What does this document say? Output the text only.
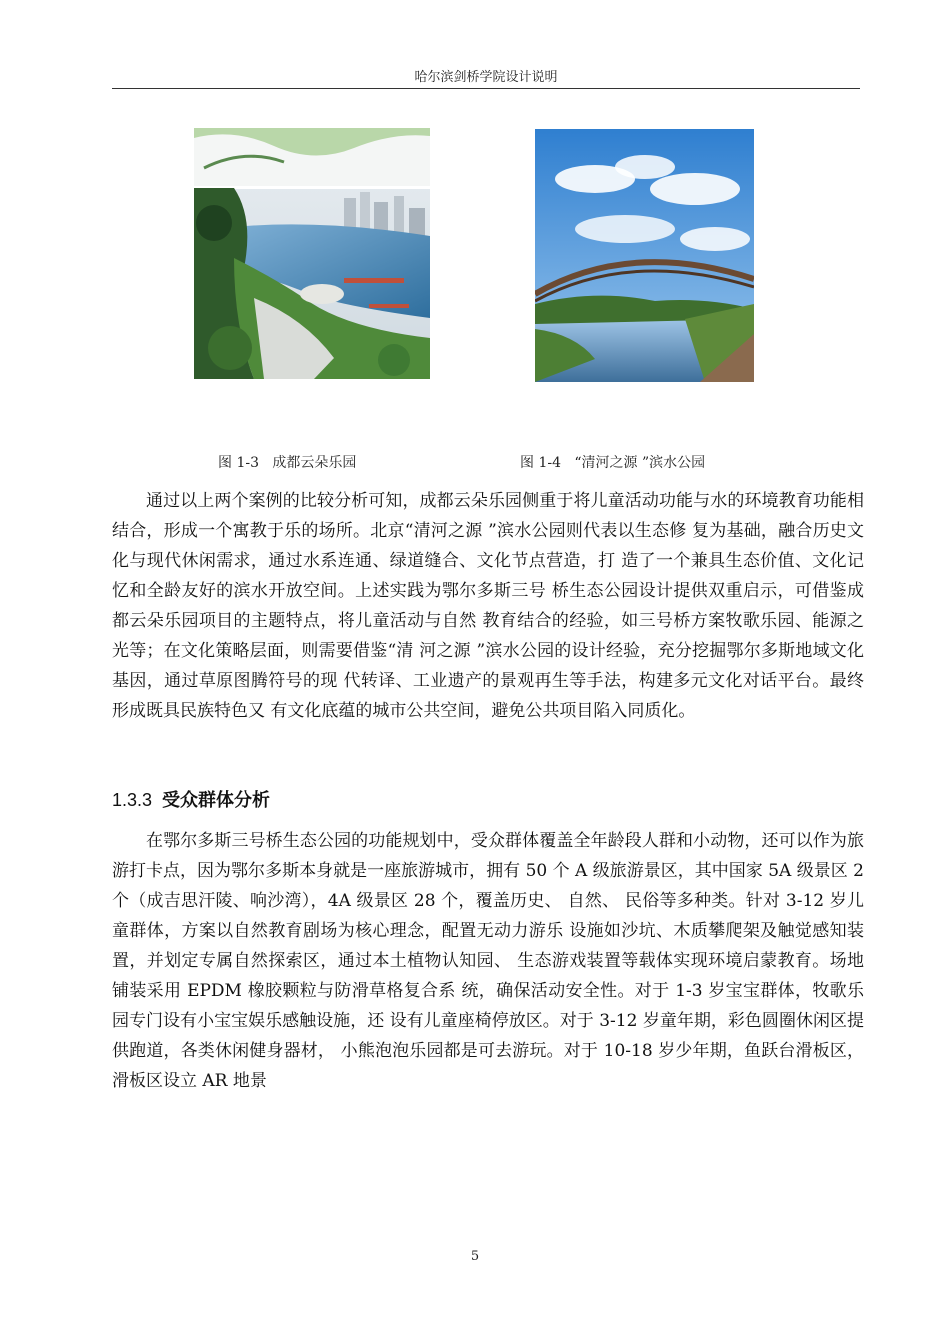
哈尔滨剑桥学院设计说明
图 1-3 成都云朵乐园	图 1-4 “清河之源 ”滨水公园
通过以上两个案例的比较分析可知，成都云朵乐园侧重于将儿童活动功能与水的环境教育功能相结合，形成一个寓教于乐的场所。北京“清河之源 ”滨水公园则代表以生态修 复为基础，融合历史文化与现代休闲需求，通过水系连通、绿道缝合、文化节点营造，打 造了一个兼具生态价值、文化记忆和全龄友好的滨水开放空间。上述实践为鄂尔多斯三号 桥生态公园设计提供双重启示，可借鉴成都云朵乐园项目的主题特点，将儿童活动与自然 教育结合的经验，如三号桥方案牧歌乐园、能源之光等；在文化策略层面，则需要借鉴“清 河之源 ”滨水公园的设计经验，充分挖掘鄂尔多斯地域文化基因，通过草原图腾符号的现 代转译、工业遗产的景观再生等手法，构建多元文化对话平台。最终形成既具民族特色又 有文化底蕴的城市公共空间，避免公共项目陷入同质化。
1.3.3 受众群体分析
在鄂尔多斯三号桥生态公园的功能规划中，受众群体覆盖全年龄段人群和小动物，还可以作为旅游打卡点，因为鄂尔多斯本身就是一座旅游城市，拥有 50 个 A 级旅游景区，其中国家 5A 级景区 2 个（成吉思汗陵、响沙湾），4A 级景区 28 个，覆盖历史、 自然、 民俗等多种类。针对 3-12 岁儿童群体，方案以自然教育剧场为核心理念，配置无动力游乐 设施如沙坑、木质攀爬架及触觉感知装置，并划定专属自然探索区，通过本土植物认知园、 生态游戏装置等载体实现环境启蒙教育。场地铺装采用 EPDM 橡胶颗粒与防滑草格复合系 统，确保活动安全性。对于 1-3 岁宝宝群体，牧歌乐园专门设有小宝宝娱乐感触设施，还 设有儿童座椅停放区。对于 3-12 岁童年期，彩色圆圈休闲区提供跑道，各类休闲健身器材， 小熊泡泡乐园都是可去游玩。对于 10-18 岁少年期，鱼跃台滑板区，滑板区设立 AR 地景
5
